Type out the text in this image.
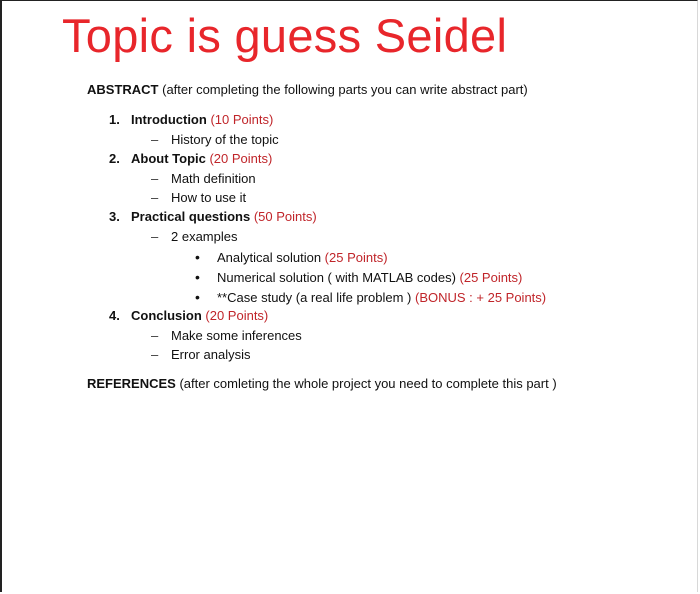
Topic is guess Seidel
ABSTRACT (after completing the following parts you can write abstract part)
1. Introduction (10 Points)
– History of the topic
2. About Topic (20 Points)
– Math definition
– How to use it
3. Practical questions (50 Points)
– 2 examples
• Analytical solution (25 Points)
• Numerical solution ( with MATLAB codes) (25 Points)
• **Case study (a real life problem ) (BONUS : + 25 Points)
4. Conclusion (20 Points)
– Make some inferences
– Error analysis
REFERENCES (after comleting the whole project you need to complete this part )
